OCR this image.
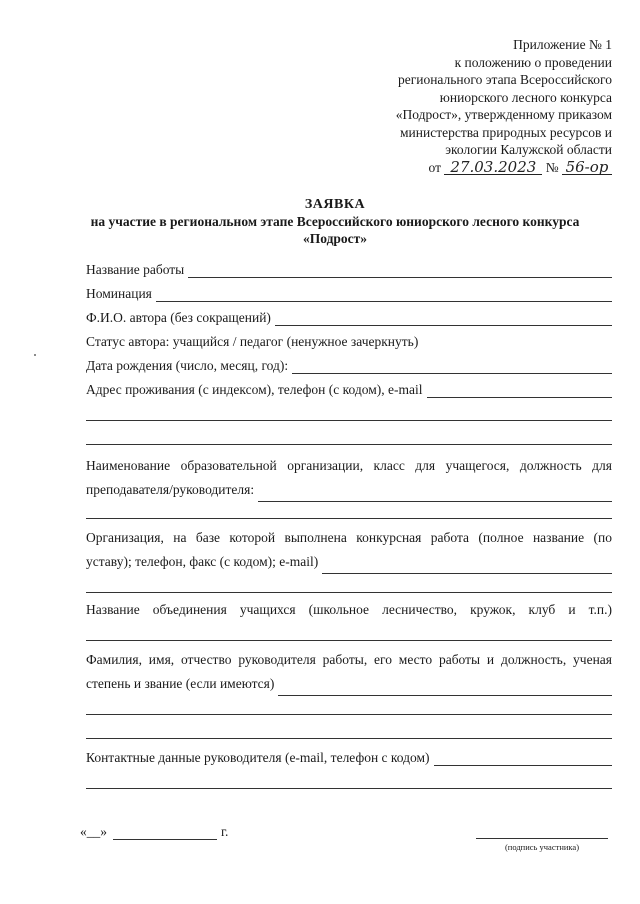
Приложение № 1
к положению о проведении
регионального этапа Всероссийского
юниорского лесного конкурса
«Подрост», утвержденному приказом
министерства природных ресурсов и
экологии Калужской области
от 27.03.2023 № 56-ор
ЗАЯВКА
на участие в региональном этапе Всероссийского юниорского лесного конкурса
«Подрост»
Название работы
Номинация
Ф.И.О. автора (без сокращений)
Статус автора: учащийся / педагог (ненужное зачеркнуть)
Дата рождения (число, месяц, год):
Адрес проживания (с индексом), телефон (с кодом), e-mail
Наименование образовательной организации, класс для учащегося, должность для
преподавателя/руководителя:
Организация, на базе которой выполнена конкурсная работа (полное название (по
уставу); телефон, факс (с кодом); e-mail)
Название объединения учащихся (школьное лесничество, кружок, клуб и т.п.)
Фамилия, имя, отчество руководителя работы, его место работы и должность, ученая
степень и звание (если имеются)
Контактные данные руководителя (e-mail, телефон с кодом)
«__»	г.
(подпись участника)
